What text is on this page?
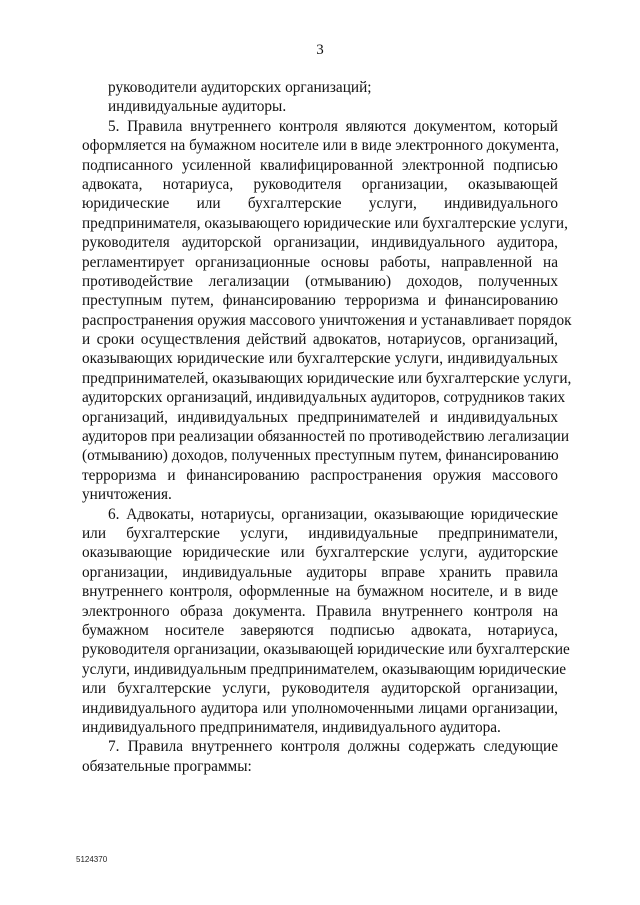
3
руководители аудиторских организаций;
индивидуальные аудиторы.
5. Правила внутреннего контроля являются документом, который
оформляется на бумажном носителе или в виде электронного документа,
подписанного усиленной квалифицированной электронной подписью
адвоката, нотариуса, руководителя организации, оказывающей
юридические или бухгалтерские услуги, индивидуального
предпринимателя, оказывающего юридические или бухгалтерские услуги,
руководителя аудиторской организации, индивидуального аудитора,
регламентирует организационные основы работы, направленной на
противодействие легализации (отмыванию) доходов, полученных
преступным путем, финансированию терроризма и финансированию
распространения оружия массового уничтожения и устанавливает порядок
и сроки осуществления действий адвокатов, нотариусов, организаций,
оказывающих юридические или бухгалтерские услуги, индивидуальных
предпринимателей, оказывающих юридические или бухгалтерские услуги,
аудиторских организаций, индивидуальных аудиторов, сотрудников таких
организаций, индивидуальных предпринимателей и индивидуальных
аудиторов при реализации обязанностей по противодействию легализации
(отмыванию) доходов, полученных преступным путем, финансированию
терроризма и финансированию распространения оружия массового
уничтожения.
6. Адвокаты, нотариусы, организации, оказывающие юридические
или бухгалтерские услуги, индивидуальные предприниматели,
оказывающие юридические или бухгалтерские услуги, аудиторские
организации, индивидуальные аудиторы вправе хранить правила
внутреннего контроля, оформленные на бумажном носителе, и в виде
электронного образа документа. Правила внутреннего контроля на
бумажном носителе заверяются подписью адвоката, нотариуса,
руководителя организации, оказывающей юридические или бухгалтерские
услуги, индивидуальным предпринимателем, оказывающим юридические
или бухгалтерские услуги, руководителя аудиторской организации,
индивидуального аудитора или уполномоченными лицами организации,
индивидуального предпринимателя, индивидуального аудитора.
7. Правила внутреннего контроля должны содержать следующие
обязательные программы:
5124370
